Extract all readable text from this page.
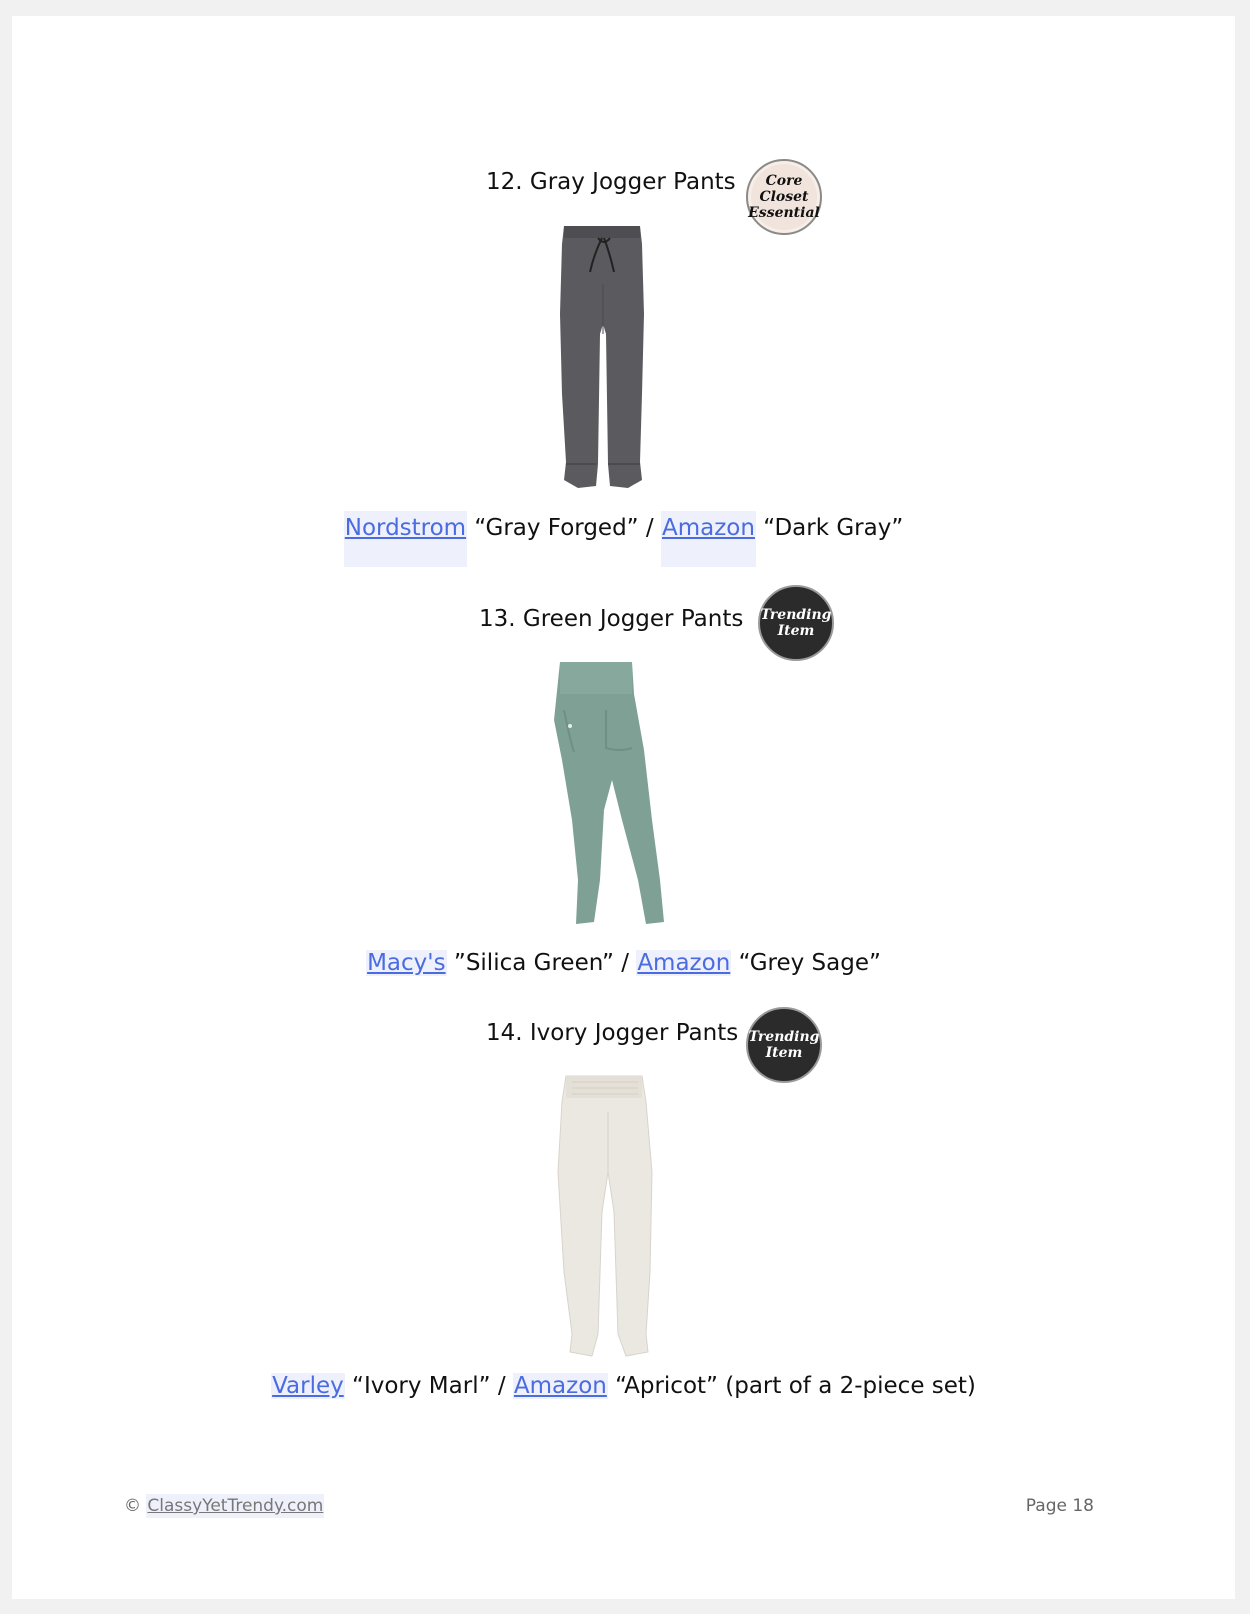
12. Gray Jogger Pants	Core
Closet
Essential
Nordstrom “Gray Forged” / Amazon “Dark Gray”
13. Green Jogger Pants Trending
Item
Macy's ”Silica Green” / Amazon “Grey Sage”
14. Ivory Jogger Pants Trending
Item
Varley “Ivory Marl” / Amazon “Apricot” (part of a 2-piece set)
© ClassyYetTrendy.com	Page 18
